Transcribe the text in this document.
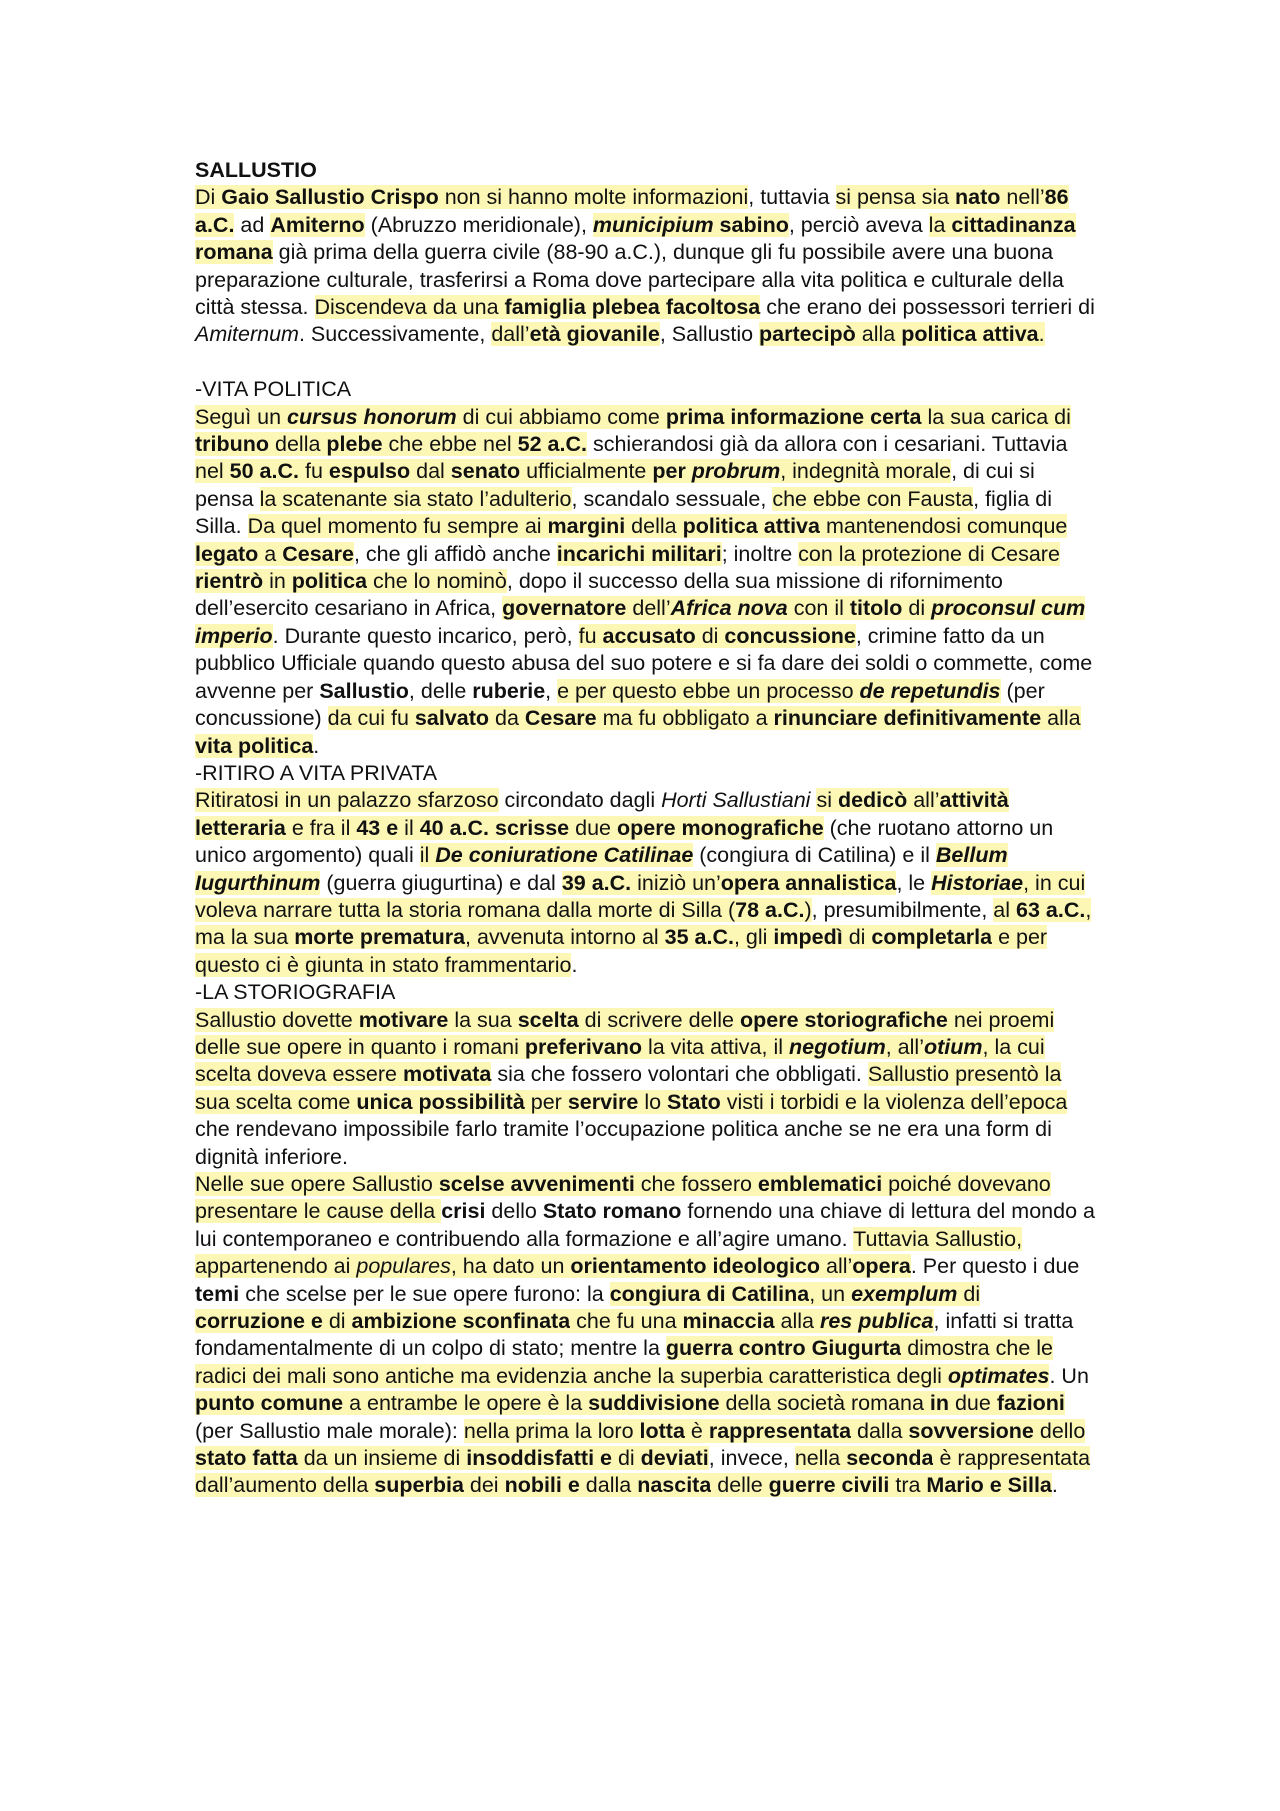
SALLUSTIO
Di Gaio Sallustio Crispo non si hanno molte informazioni, tuttavia si pensa sia nato nell’86 a.C. ad Amiterno (Abruzzo meridionale), municipium sabino, perciò aveva la cittadinanza romana già prima della guerra civile (88-90 a.C.), dunque gli fu possibile avere una buona preparazione culturale, trasferirsi a Roma dove partecipare alla vita politica e culturale della città stessa. Discendeva da una famiglia plebea facoltosa che erano dei possessori terrieri di Amiternum. Successivamente, dall’età giovanile, Sallustio partecipò alla politica attiva.
-VITA POLITICA
Seguì un cursus honorum di cui abbiamo come prima informazione certa la sua carica di tribuno della plebe che ebbe nel 52 a.C. schierandosi già da allora con i cesariani. Tuttavia nel 50 a.C. fu espulso dal senato ufficialmente per probrum, indegnità morale, di cui si pensa la scatenante sia stato l’adulterio, scandalo sessuale, che ebbe con Fausta, figlia di Silla. Da quel momento fu sempre ai margini della politica attiva mantenendosi comunque legato a Cesare, che gli affidò anche incarichi militari; inoltre con la protezione di Cesare rientrò in politica che lo nominò, dopo il successo della sua missione di rifornimento dell’esercito cesariano in Africa, governatore dell’Africa nova con il titolo di proconsul cum imperio. Durante questo incarico, però, fu accusato di concussione, crimine fatto da un pubblico Ufficiale quando questo abusa del suo potere e si fa dare dei soldi o commette, come avvenne per Sallustio, delle ruberie, e per questo ebbe un processo de repetundis (per concussione) da cui fu salvato da Cesare ma fu obbligato a rinunciare definitivamente alla vita politica.
-RITIRO A VITA PRIVATA
Ritiratosi in un palazzo sfarzoso circondato dagli Horti Sallustiani si dedicò all’attività letteraria e fra il 43 e il 40 a.C. scrisse due opere monografiche (che ruotano attorno un unico argomento) quali il De coniuratione Catilinae (congiura di Catilina) e il Bellum Iugurthinum (guerra giugurtina) e dal 39 a.C. iniziò un’opera annalistica, le Historiae, in cui voleva narrare tutta la storia romana dalla morte di Silla (78 a.C.), presumibilmente, al 63 a.C., ma la sua morte prematura, avvenuta intorno al 35 a.C., gli impedì di completarla e per questo ci è giunta in stato frammentario.
-LA STORIOGRAFIA
Sallustio dovette motivare la sua scelta di scrivere delle opere storiografiche nei proemi delle sue opere in quanto i romani preferivano la vita attiva, il negotium, all’otium, la cui scelta doveva essere motivata sia che fossero volontari che obbligati. Sallustio presentò la sua scelta come unica possibilità per servire lo Stato visti i torbidi e la violenza dell’epoca che rendevano impossibile farlo tramite l’occupazione politica anche se ne era una form di dignità inferiore.
Nelle sue opere Sallustio scelse avvenimenti che fossero emblematici poiché dovevano presentare le cause della crisi dello Stato romano fornendo una chiave di lettura del mondo a lui contemporaneo e contribuendo alla formazione e all’agire umano. Tuttavia Sallustio, appartenendo ai populares, ha dato un orientamento ideologico all’opera. Per questo i due temi che scelse per le sue opere furono: la congiura di Catilina, un exemplum di corruzione e di ambizione sconfinata che fu una minaccia alla res publica, infatti si tratta fondamentalmente di un colpo di stato; mentre la guerra contro Giugurta dimostra che le radici dei mali sono antiche ma evidenzia anche la superbia caratteristica degli optimates. Un punto comune a entrambe le opere è la suddivisione della società romana in due fazioni (per Sallustio male morale): nella prima la loro lotta è rappresentata dalla sovversione dello stato fatta da un insieme di insoddisfatti e di deviati, invece, nella seconda è rappresentata dall’aumento della superbia dei nobili e dalla nascita delle guerre civili tra Mario e Silla.
